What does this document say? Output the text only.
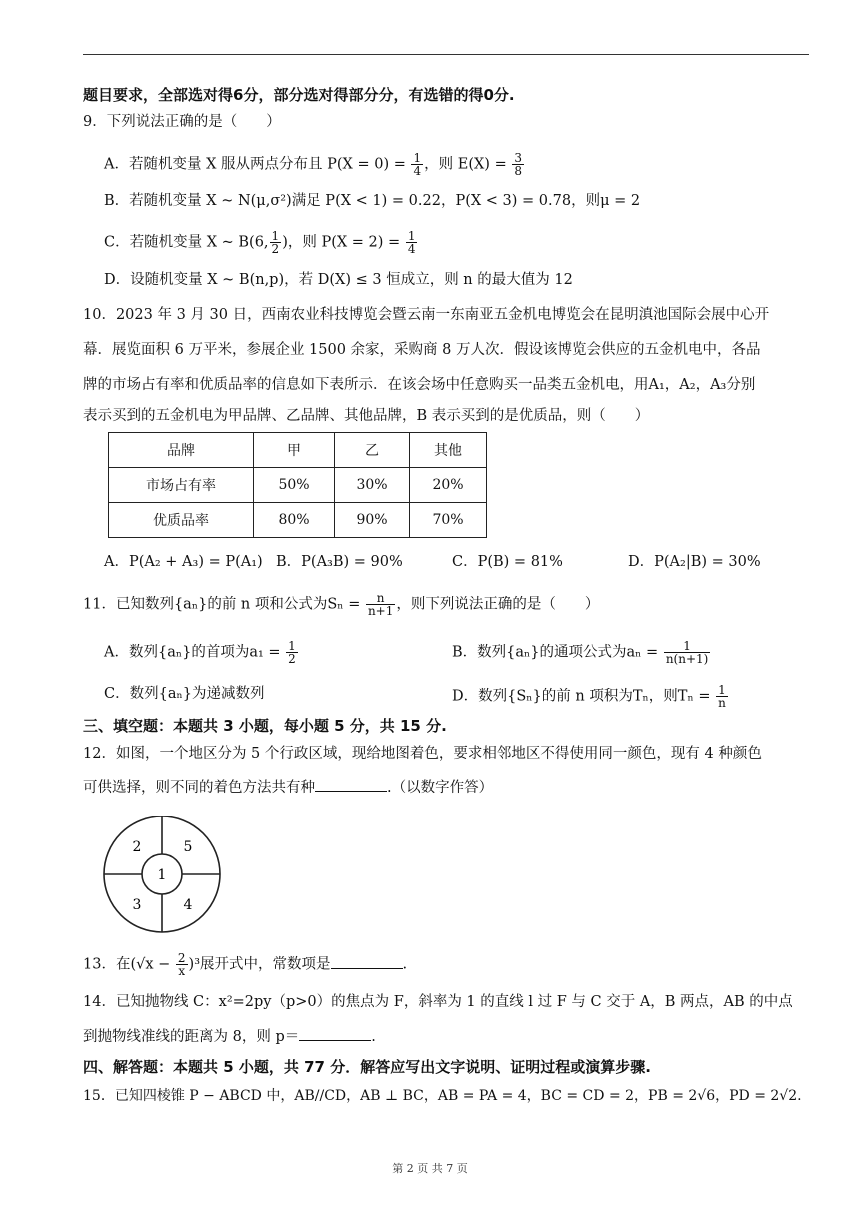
题目要求，全部选对得6分，部分选对得部分分，有选错的得0分.
9．下列说法正确的是（　　）
A．若随机变量 X 服从两点分布且 $P(X = 0) = \frac{1}{4}$ ，则 $E(X) = \frac{3}{8}$
B．若随机变量 X ~ N(μ,σ²)满足 P(X < 1) = 0.22，P(X < 3) = 0.78，则μ = 2
C．若随机变量 X ~ B(6, $\frac{1}{2}$ )，则 $P(X = 2) = \frac{1}{4}$
D．设随机变量 X ~ B(n,p)，若 D(X) ≤ 3 恒成立，则 n 的最大值为 12
10．2023 年 3 月 30 日，西南农业科技博览会暨云南一东南亚五金机电博览会在昆明滇池国际会展中心开
幕．展览面积 6 万平米，参展企业 1500 余家，采购商 8 万人次．假设该博览会供应的五金机电中，各品
牌的市场占有率和优质品率的信息如下表所示．在该会场中任意购买一品类五金机电，用A₁，A₂，A₃分别
表示买到的五金机电为甲品牌、乙品牌、其他品牌，B 表示买到的是优质品，则（　　）
品牌	甲	乙	其他
市场占有率	50%	30%	20%
优质品率	80%	90%	70%
A．P(A₂ + A₃) = P(A₁) B．P(A₃B) = 90%	C．P(B) = 81%	D．P(A₂|B) = 30%
11．已知数列{aₙ}的前 n 项和公式为$S_n = \frac{n}{n+1}$ ，则下列说法正确的是（　　）
A．数列{aₙ}的首项为$a_1 = \frac{1}{2}$	B．数列{aₙ}的通项公式为$a_n = \frac{1}{n(n+1)}$
C．数列{aₙ}为递减数列	D．数列{Sₙ}的前 n 项积为Tₙ，则$T_n = \frac{1}{n}$
三、填空题：本题共 3 小题，每小题 5 分，共 15 分.
12．如图，一个地区分为 5 个行政区域，现给地图着色，要求相邻地区不得使用同一颜色，现有 4 种颜色
可供选择，则不同的着色方法共有种	.（以数字作答）
1
2
3	4
5
13．在$(√x - \frac{2}{x} )^3$展开式中，常数项是	.
14．已知抛物线 C：x²=2py（p>0）的焦点为 F，斜率为 1 的直线 l 过 F 与 C 交于 A，B 两点，AB 的中点
到抛物线准线的距离为 8，则 p＝	.
四、解答题：本题共 5 小题，共 77 分．解答应写出文字说明、证明过程或演算步骤.
15．已知四棱锥 P − ABCD 中，AB//CD，AB ⊥ BC，AB = PA = 4，BC = CD = 2，PB = 2√6，PD = 2√2.
第 2 页 共 7 页
